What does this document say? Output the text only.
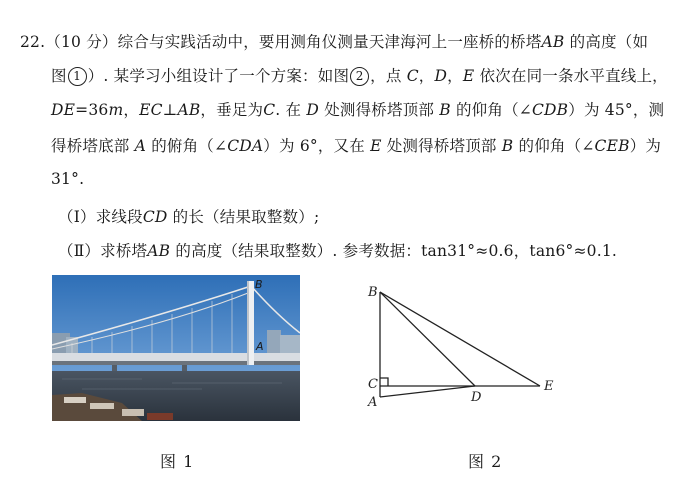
22.（10 分）综合与实践活动中，要用测角仪测量天津海河上一座桥的桥塔AB 的高度（如
图 1 ）. 某学习小组设计了一个方案：如图 2 ，点 C，D，E 依次在同一条水平直线上，
DE=36m，EC⊥AB，垂足为C. 在 D 处测得桥塔顶部 B 的仰角（∠CDB）为 45°，测
得桥塔底部 A 的俯角（∠CDA）为 6°，又在 E 处测得桥塔顶部 B 的仰角（∠CEB）为
31°.
（Ⅰ）求线段CD 的长（结果取整数）;
（Ⅱ）求桥塔AB 的高度（结果取整数）. 参考数据：tan31°≈0.6，tan6°≈0.1.
B
A
B
C
A	D
E
图 1	图 2
